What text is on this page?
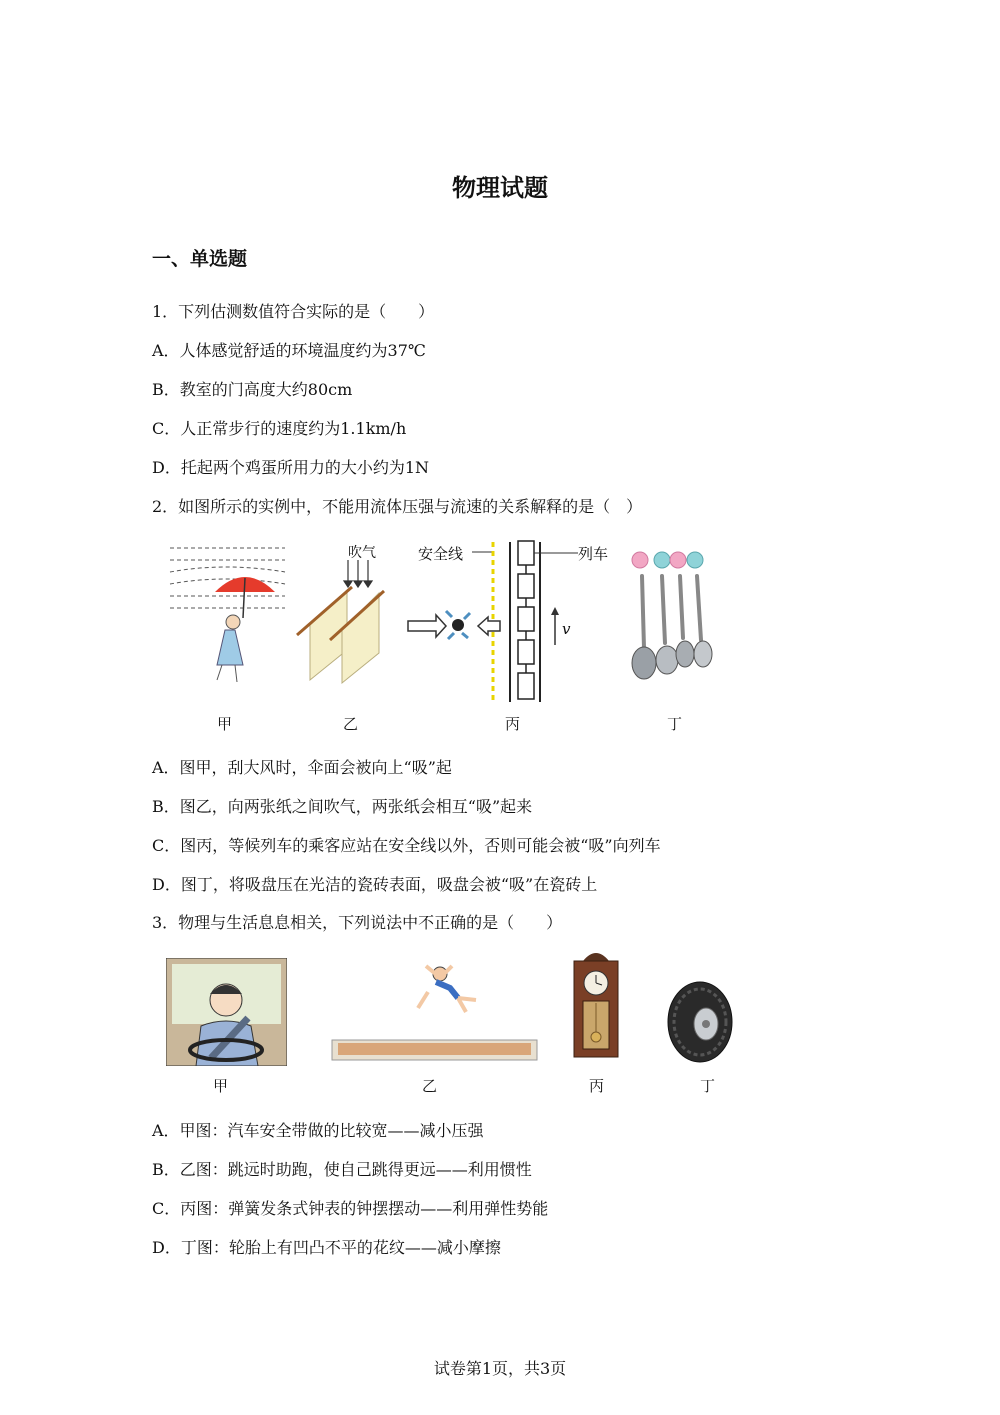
物理试题
一、单选题
1．下列估测数值符合实际的是（　　）
A．人体感觉舒适的环境温度约为37℃
B．教室的门高度大约80cm
C．人正常步行的速度约为1.1km/h
D．托起两个鸡蛋所用力的大小约为1N
2．如图所示的实例中，不能用流体压强与流速的关系解释的是（　）
吹气	安全线	列车
v
甲	乙	丙	丁
A．图甲，刮大风时，伞面会被向上“吸”起
B．图乙，向两张纸之间吹气，两张纸会相互“吸”起来
C．图丙，等候列车的乘客应站在安全线以外，否则可能会被“吸”向列车
D．图丁，将吸盘压在光洁的瓷砖表面，吸盘会被“吸”在瓷砖上
3．物理与生活息息相关，下列说法中不正确的是（　　）
甲	乙	丙	丁
A．甲图：汽车安全带做的比较宽——减小压强
B．乙图：跳远时助跑，使自己跳得更远——利用惯性
C．丙图：弹簧发条式钟表的钟摆摆动——利用弹性势能
D．丁图：轮胎上有凹凸不平的花纹——减小摩擦
试卷第1页，共3页
